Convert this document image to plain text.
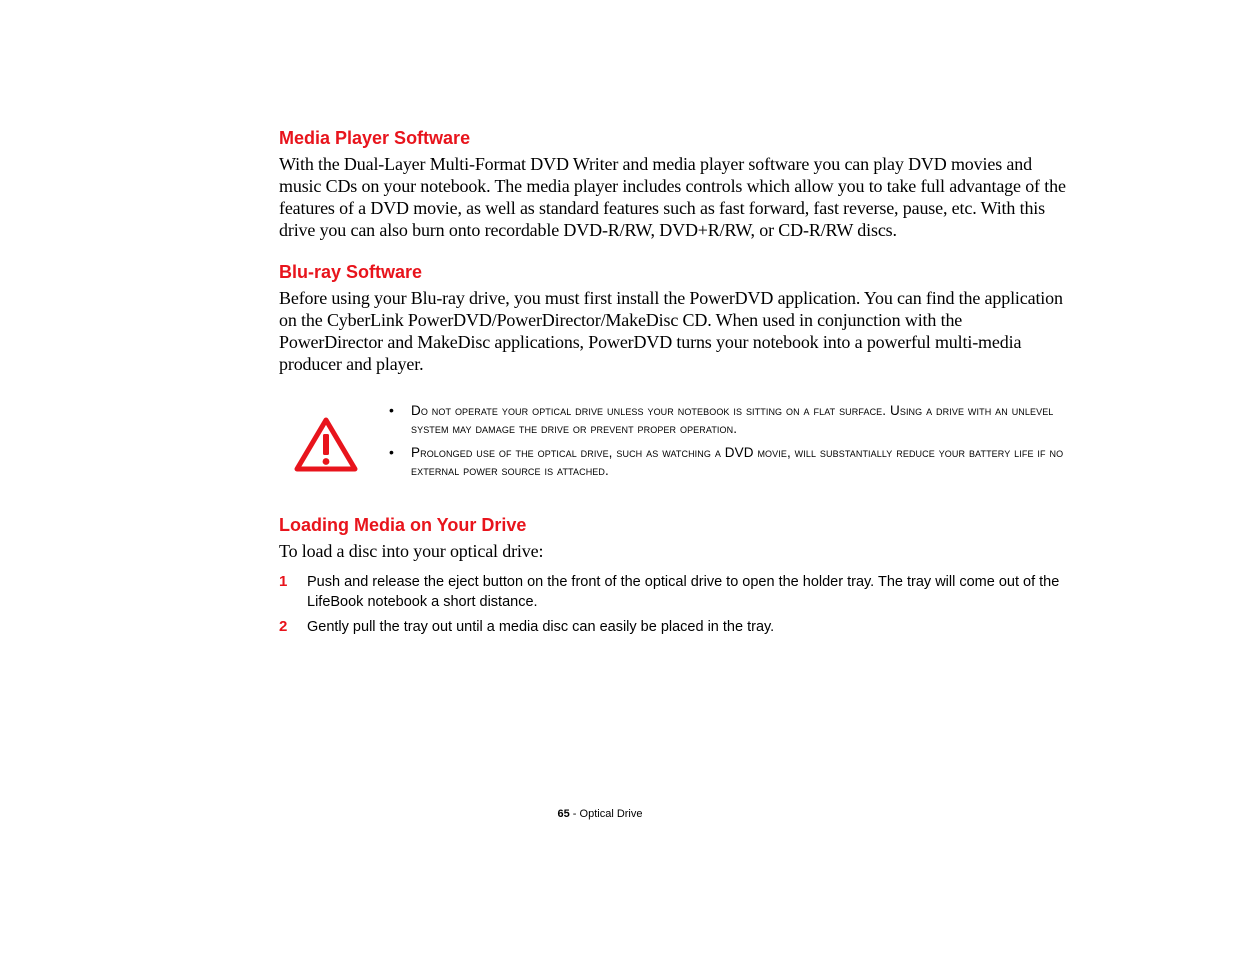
Media Player Software

With the Dual-Layer Multi-Format DVD Writer and media player software you can play DVD movies and music CDs on your notebook. The media player includes controls which allow you to take full advantage of the features of a DVD movie, as well as standard features such as fast forward, fast reverse, pause, etc. With this drive you can also burn onto recordable DVD-R/RW, DVD+R/RW, or CD-R/RW discs.

Blu-ray Software

Before using your Blu-ray drive, you must first install the PowerDVD application. You can find the application on the CyberLink PowerDVD/PowerDirector/MakeDisc CD. When used in conjunction with the PowerDirector and MakeDisc applications, PowerDVD turns your notebook into a powerful multi-media producer and player.

• Do not operate your optical drive unless your notebook is sitting on a flat surface. Using a drive with an unlevel system may damage the drive or prevent proper operation.
• Prolonged use of the optical drive, such as watching a DVD movie, will substantially reduce your battery life if no external power source is attached.
Loading Media on Your Drive

To load a disc into your optical drive:

1 Push and release the eject button on the front of the optical drive to open the holder tray. The tray will come out of the LifeBook notebook a short distance.
2 Gently pull the tray out until a media disc can easily be placed in the tray.
65 - Optical Drive
